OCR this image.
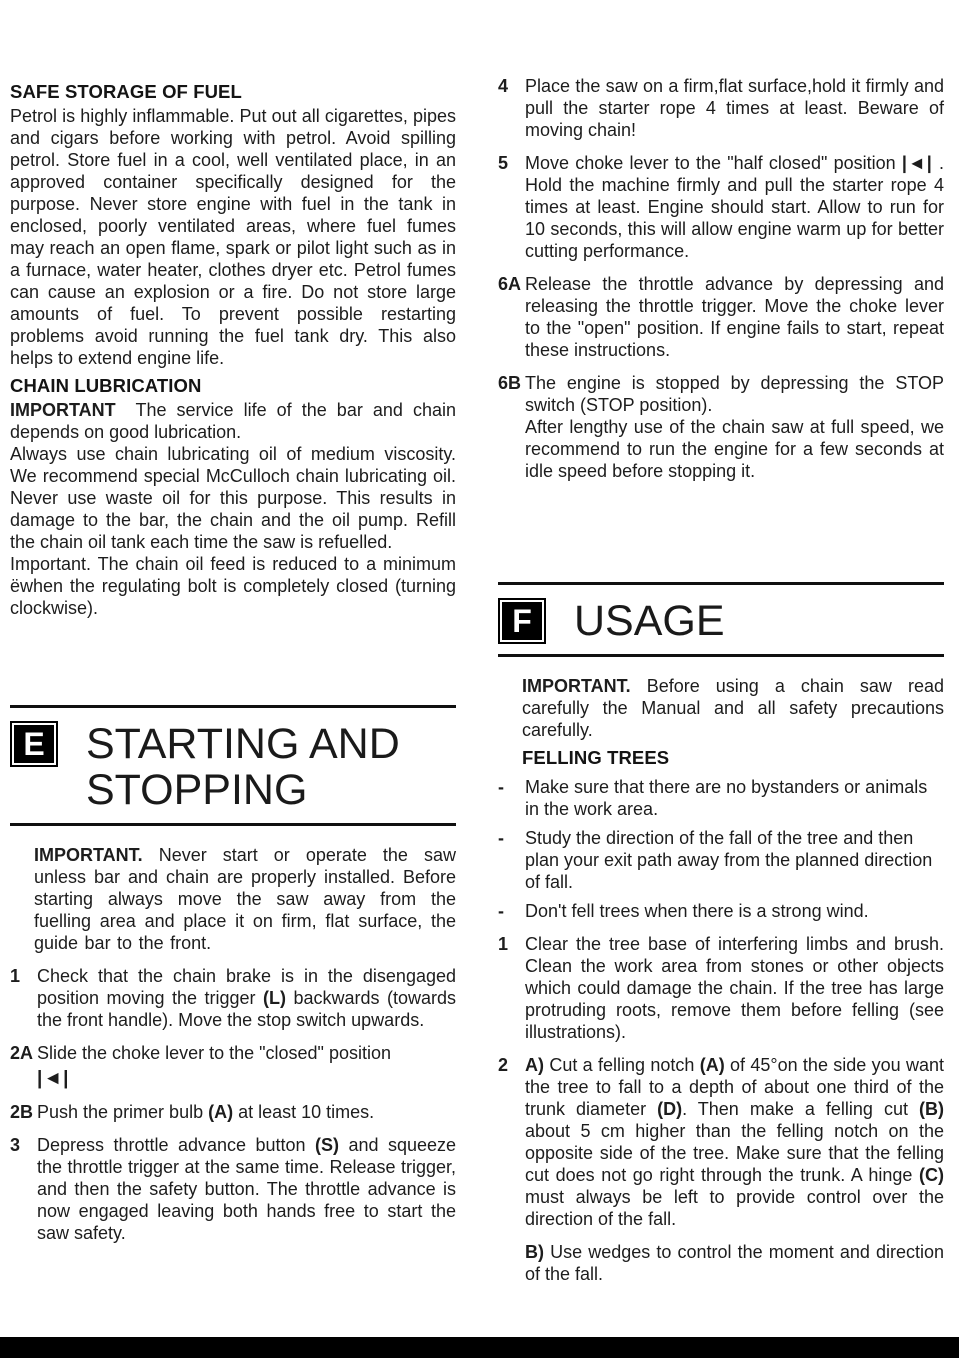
SAFE STORAGE OF FUEL

Petrol is highly inflammable. Put out all cigarettes, pipes and cigars before working with petrol. Avoid spilling petrol. Store fuel in a cool, well ventilated place, in an approved container specifically designed for the purpose. Never store engine with fuel in the tank in enclosed, poorly ventilated areas, where fuel fumes may reach an open flame, spark or pilot light such as in a furnace, water heater, clothes dryer etc. Petrol fumes can cause an explosion or a fire. Do not store large amounts of fuel. To prevent possible restarting problems avoid running the fuel tank dry. This also helps to extend engine life.

CHAIN LUBRICATION

IMPORTANT  The service life of the bar and chain depends on good lubrication.

Always use chain lubricating oil of medium viscosity. We recommend special McCulloch chain lubricating oil. Never use waste oil for this purpose. This results in damage to the bar, the chain and the oil pump. Refill the chain oil tank each time the saw is refuelled.

Important. The chain oil feed is reduced to a minimum ëwhen the regulating bolt is completely closed (turning clockwise).

E STARTING AND
STOPPING

IMPORTANT. Never start or operate the saw unless bar and chain are properly installed. Before starting always move the saw away from the fuelling area and place it on firm, flat surface, the guide bar to the front.

1 Check that the chain brake is in the disengaged position moving the trigger (L) backwards (towards the front handle). Move the stop switch upwards.

2A Slide the choke lever to the "closed" position

|◄|
2B Push the primer bulb (A) at least 10 times.

3 Depress throttle advance button (S) and squeeze the throttle trigger at the same time. Release trigger, and then the safety button. The throttle advance is now engaged leaving both hands free to start the saw safety.

4 Place the saw on a firm,flat surface,hold it firmly and pull the starter rope 4 times at least. Beware of moving chain!

5 Move choke lever to the "half closed" position |◄| . Hold the machine firmly and pull the starter rope 4 times at least. Engine should start. Allow to run for 10 seconds, this will allow engine warm up for better cutting performance.

6A Release the throttle advance by depressing and releasing the throttle trigger. Move the choke lever to the "open" position. If engine fails to start, repeat these instructions.

6B The engine is stopped by depressing the STOP switch (STOP position).

After lengthy use of the chain saw at full speed, we recommend to run the engine for a few seconds at idle speed before stopping it.

F USAGE

IMPORTANT. Before using a chain saw read carefully the Manual and all safety precautions carefully.

FELLING TREES
-	Make sure that there are no bystanders or animals in the work area.

-	Study the direction of the fall of the tree and then plan your exit path away from the planned direction of fall.

-	Don't fell trees when there is a strong wind.

1 Clear the tree base of interfering limbs and brush. Clean the work area from stones or other objects which could damage the chain. If the tree has large protruding roots, remove them before felling (see illustrations).

2 A) Cut a felling notch (A) of 45°on the side you want the tree to fall to a depth of about one third of the trunk diameter (D). Then make a felling cut (B) about 5 cm higher than the felling notch on the opposite side of the tree. Make sure that the felling cut does not go right through the trunk. A hinge (C) must always be left to provide control over the direction of the fall.

B) Use wedges to control the moment and direction of the fall.
